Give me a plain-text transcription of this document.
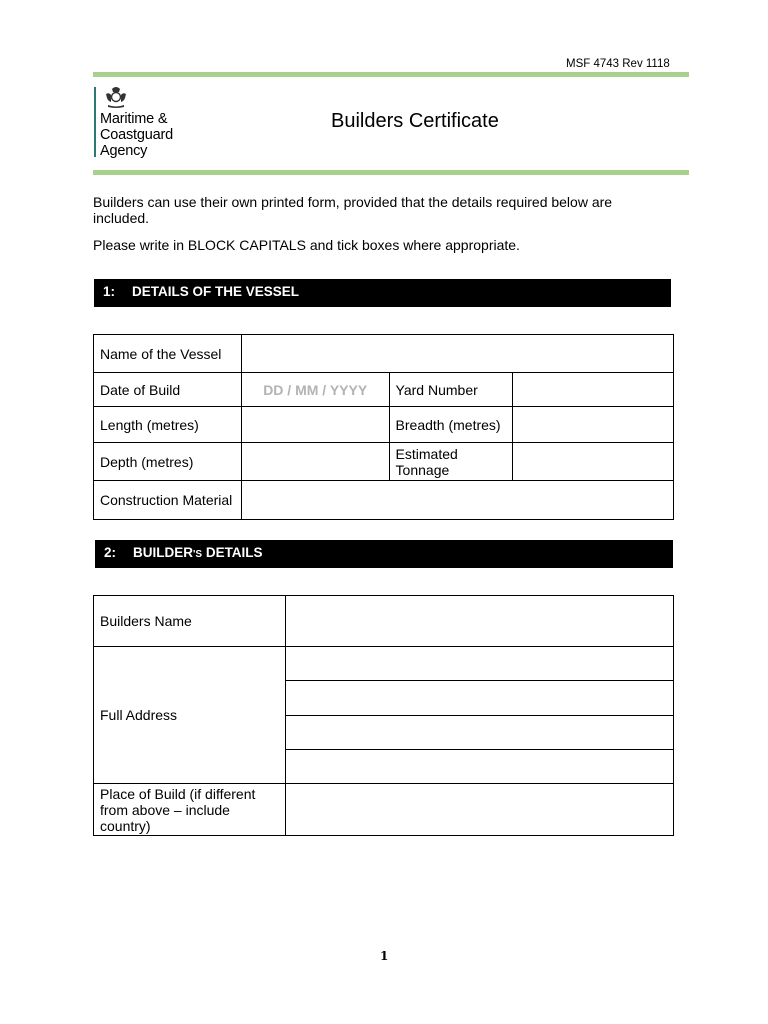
MSF 4743 Rev 1118
Maritime &
Coastguard
Agency
Builders Certificate
Builders can use their own printed form, provided that the details required below are included.
Please write in BLOCK CAPITALS and tick boxes where appropriate.
1: DETAILS OF THE VESSEL
Name of the Vessel			
Date of Build	DD / MM / YYYY	Yard Number	
Length (metres)		Breadth (metres)	
Depth (metres)		Estimated
Tonnage	

Construction Material			
2: BUILDER'S DETAILS
Builders Name	
Full Address	

Place of Build (if different
from above – include
country)	

1
